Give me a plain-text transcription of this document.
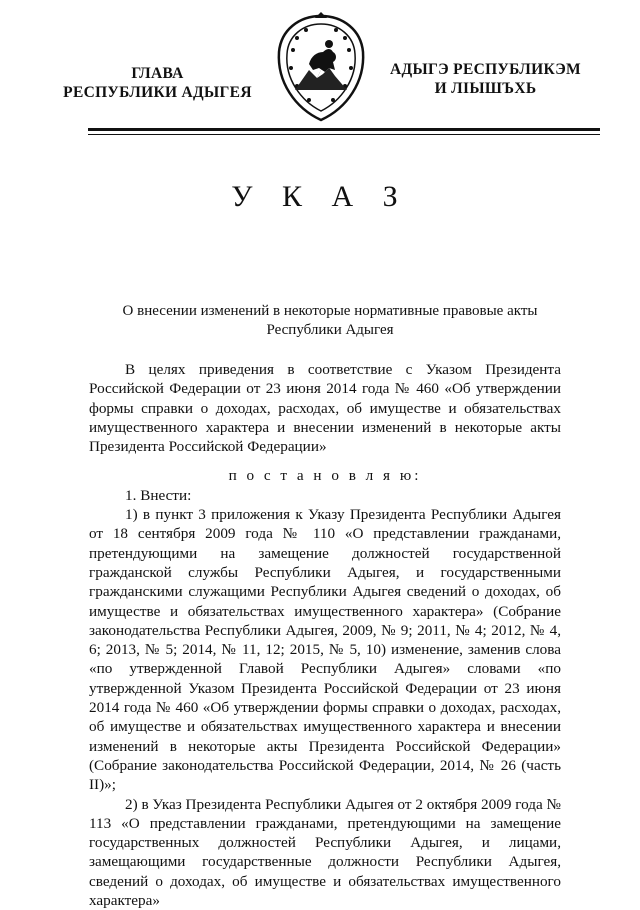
ГЛАВА
РЕСПУБЛИКИ АДЫГЕЯ
АДЫГЭ РЕСПУБЛИКЭМ
И ЛІЫШЪХЬ
У К А З
О внесении изменений в некоторые нормативные правовые акты
Республики Адыгея

В целях приведения в соответствие с Указом Президента Российской Федерации от 23 июня 2014 года № 460 «Об утверждении формы справки о доходах, расходах, об имуществе и обязательствах имущественного характера и внесении изменений в некоторые акты Президента Российской Федерации»

п о с т а н о в л я ю:

1. Внести:

1) в пункт 3 приложения к Указу Президента Республики Адыгея от 18 сентября 2009 года № 110 «О представлении гражданами, претендующими на замещение должностей государственной гражданской службы Республики Адыгея, и государственными гражданскими служащими Республики Адыгея сведений о доходах, об имуществе и обязательствах имущественного характера» (Собрание законодательства Республики Адыгея, 2009, № 9; 2011, № 4; 2012, № 4, 6; 2013, № 5; 2014, № 11, 12; 2015, № 5, 10) изменение, заменив слова «по утвержденной Главой Республики Адыгея» словами «по утвержденной Указом Президента Российской Федерации от 23 июня 2014 года № 460 «Об утверждении формы справки о доходах, расходах, об имуществе и обязательствах имущественного характера и внесении изменений в некоторые акты Президента Российской Федерации» (Собрание законодательства Российской Федерации, 2014, № 26 (часть II)»;

2) в Указ Президента Республики Адыгея от 2 октября 2009 года № 113 «О представлении гражданами, претендующими на замещение государственных должностей Республики Адыгея, и лицами, замещающими государственные должности Республики Адыгея, сведений о доходах, об имуществе и обязательствах имущественного характера»
